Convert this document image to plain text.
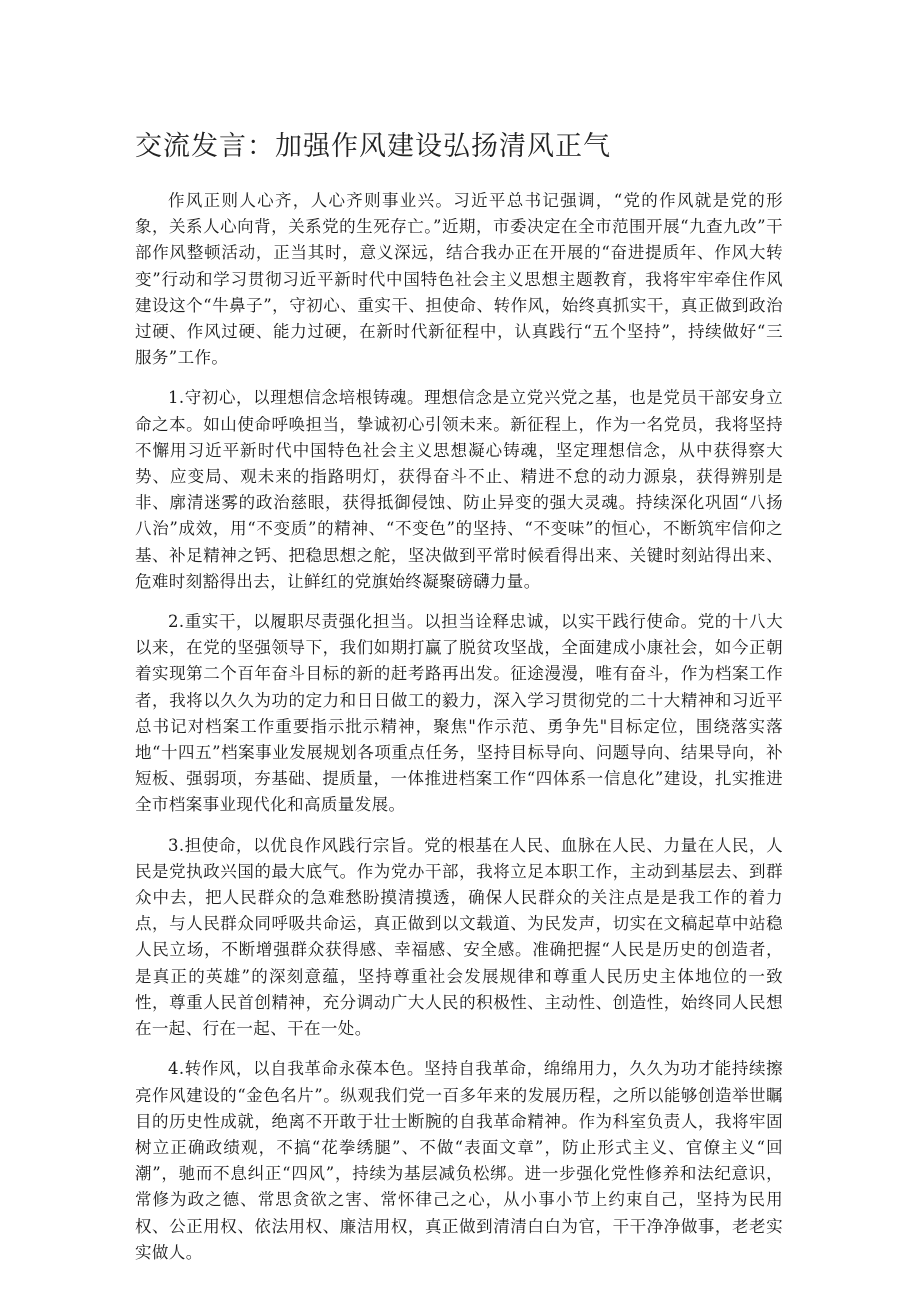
交流发言：加强作风建设弘扬清风正气

作风正则人心齐，人心齐则事业兴。习近平总书记强调，“党的作风就是党的形象，关系人心向背，关系党的生死存亡。”近期，市委决定在全市范围开展“九查九改”干部作风整顿活动，正当其时，意义深远，结合我办正在开展的“奋进提质年、作风大转变”行动和学习贯彻习近平新时代中国特色社会主义思想主题教育，我将牢牢牵住作风建设这个“牛鼻子”，守初心、重实干、担使命、转作风，始终真抓实干，真正做到政治过硬、作风过硬、能力过硬，在新时代新征程中，认真践行“五个坚持”，持续做好“三服务”工作。

1.守初心，以理想信念培根铸魂。理想信念是立党兴党之基，也是党员干部安身立命之本。如山使命呼唤担当，挚诚初心引领未来。新征程上，作为一名党员，我将坚持不懈用习近平新时代中国特色社会主义思想凝心铸魂，坚定理想信念，从中获得察大势、应变局、观未来的指路明灯，获得奋斗不止、精进不怠的动力源泉，获得辨别是非、廓清迷雾的政治慈眼，获得抵御侵蚀、防止异变的强大灵魂。持续深化巩固“八扬八治”成效，用“不变质”的精神、“不变色”的坚持、“不变味”的恒心，不断筑牢信仰之基、补足精神之钙、把稳思想之舵，坚决做到平常时候看得出来、关键时刻站得出来、危难时刻豁得出去，让鲜红的党旗始终凝聚磅礴力量。

2.重实干，以履职尽责强化担当。以担当诠释忠诚，以实干践行使命。党的十八大以来，在党的坚强领导下，我们如期打赢了脱贫攻坚战，全面建成小康社会，如今正朝着实现第二个百年奋斗目标的新的赶考路再出发。征途漫漫，唯有奋斗，作为档案工作者，我将以久久为功的定力和日日做工的毅力，深入学习贯彻党的二十大精神和习近平总书记对档案工作重要指示批示精神，聚焦"作示范、勇争先"目标定位，围绕落实落地“十四五”档案事业发展规划各项重点任务，坚持目标导向、问题导向、结果导向，补短板、强弱项，夯基础、提质量，一体推进档案工作“四体系一信息化”建设，扎实推进全市档案事业现代化和高质量发展。

3.担使命，以优良作风践行宗旨。党的根基在人民、血脉在人民、力量在人民，人民是党执政兴国的最大底气。作为党办干部，我将立足本职工作，主动到基层去、到群众中去，把人民群众的急难愁盼摸清摸透，确保人民群众的关注点是是我工作的着力点，与人民群众同呼吸共命运，真正做到以文载道、为民发声，切实在文稿起草中站稳人民立场，不断增强群众获得感、幸福感、安全感。准确把握“人民是历史的创造者，是真正的英雄”的深刻意蕴，坚持尊重社会发展规律和尊重人民历史主体地位的一致性，尊重人民首创精神，充分调动广大人民的积极性、主动性、创造性，始终同人民想在一起、行在一起、干在一处。

4.转作风，以自我革命永葆本色。坚持自我革命，绵绵用力，久久为功才能持续擦亮作风建设的“金色名片”。纵观我们党一百多年来的发展历程，之所以能够创造举世瞩目的历史性成就，绝离不开敢于壮士断腕的自我革命精神。作为科室负责人，我将牢固树立正确政绩观，不搞“花拳绣腿”、不做“表面文章”，防止形式主义、官僚主义“回潮”，驰而不息纠正“四风”，持续为基层减负松绑。进一步强化党性修养和法纪意识，常修为政之德、常思贪欲之害、常怀律己之心，从小事小节上约束自己，坚持为民用权、公正用权、依法用权、廉洁用权，真正做到清清白白为官，干干净净做事，老老实实做人。
